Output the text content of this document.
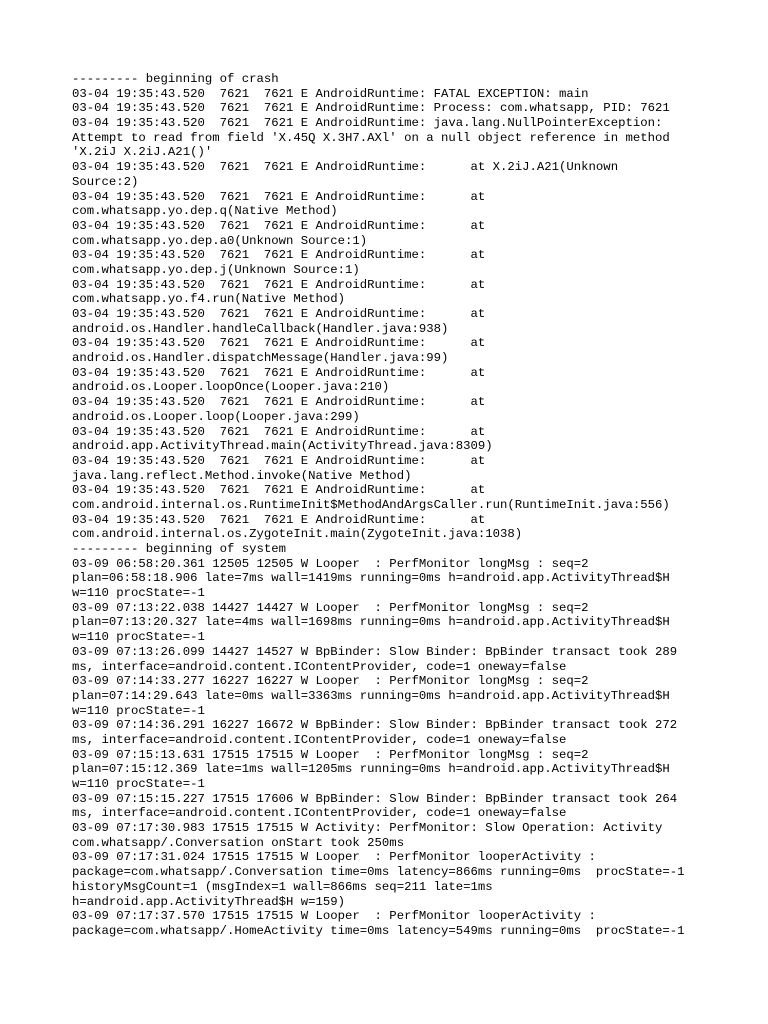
--------- beginning of crash
03-04 19:35:43.520  7621  7621 E AndroidRuntime: FATAL EXCEPTION: main
03-04 19:35:43.520  7621  7621 E AndroidRuntime: Process: com.whatsapp, PID: 7621
03-04 19:35:43.520  7621  7621 E AndroidRuntime: java.lang.NullPointerException:
Attempt to read from field 'X.45Q X.3H7.AXl' on a null object reference in method
'X.2iJ X.2iJ.A21()'
03-04 19:35:43.520  7621  7621 E AndroidRuntime:      at X.2iJ.A21(Unknown
Source:2)
03-04 19:35:43.520  7621  7621 E AndroidRuntime:      at
com.whatsapp.yo.dep.q(Native Method)
03-04 19:35:43.520  7621  7621 E AndroidRuntime:      at
com.whatsapp.yo.dep.a0(Unknown Source:1)
03-04 19:35:43.520  7621  7621 E AndroidRuntime:      at
com.whatsapp.yo.dep.j(Unknown Source:1)
03-04 19:35:43.520  7621  7621 E AndroidRuntime:      at
com.whatsapp.yo.f4.run(Native Method)
03-04 19:35:43.520  7621  7621 E AndroidRuntime:      at
android.os.Handler.handleCallback(Handler.java:938)
03-04 19:35:43.520  7621  7621 E AndroidRuntime:      at
android.os.Handler.dispatchMessage(Handler.java:99)
03-04 19:35:43.520  7621  7621 E AndroidRuntime:      at
android.os.Looper.loopOnce(Looper.java:210)
03-04 19:35:43.520  7621  7621 E AndroidRuntime:      at
android.os.Looper.loop(Looper.java:299)
03-04 19:35:43.520  7621  7621 E AndroidRuntime:      at
android.app.ActivityThread.main(ActivityThread.java:8309)
03-04 19:35:43.520  7621  7621 E AndroidRuntime:      at
java.lang.reflect.Method.invoke(Native Method)
03-04 19:35:43.520  7621  7621 E AndroidRuntime:      at
com.android.internal.os.RuntimeInit$MethodAndArgsCaller.run(RuntimeInit.java:556)
03-04 19:35:43.520  7621  7621 E AndroidRuntime:      at
com.android.internal.os.ZygoteInit.main(ZygoteInit.java:1038)
--------- beginning of system
03-09 06:58:20.361 12505 12505 W Looper  : PerfMonitor longMsg : seq=2
plan=06:58:18.906 late=7ms wall=1419ms running=0ms h=android.app.ActivityThread$H
w=110 procState=-1
03-09 07:13:22.038 14427 14427 W Looper  : PerfMonitor longMsg : seq=2
plan=07:13:20.327 late=4ms wall=1698ms running=0ms h=android.app.ActivityThread$H
w=110 procState=-1
03-09 07:13:26.099 14427 14527 W BpBinder: Slow Binder: BpBinder transact took 289
ms, interface=android.content.IContentProvider, code=1 oneway=false
03-09 07:14:33.277 16227 16227 W Looper  : PerfMonitor longMsg : seq=2
plan=07:14:29.643 late=0ms wall=3363ms running=0ms h=android.app.ActivityThread$H
w=110 procState=-1
03-09 07:14:36.291 16227 16672 W BpBinder: Slow Binder: BpBinder transact took 272
ms, interface=android.content.IContentProvider, code=1 oneway=false
03-09 07:15:13.631 17515 17515 W Looper  : PerfMonitor longMsg : seq=2
plan=07:15:12.369 late=1ms wall=1205ms running=0ms h=android.app.ActivityThread$H
w=110 procState=-1
03-09 07:15:15.227 17515 17606 W BpBinder: Slow Binder: BpBinder transact took 264
ms, interface=android.content.IContentProvider, code=1 oneway=false
03-09 07:17:30.983 17515 17515 W Activity: PerfMonitor: Slow Operation: Activity
com.whatsapp/.Conversation onStart took 250ms
03-09 07:17:31.024 17515 17515 W Looper  : PerfMonitor looperActivity :
package=com.whatsapp/.Conversation time=0ms latency=866ms running=0ms  procState=-1
historyMsgCount=1 (msgIndex=1 wall=866ms seq=211 late=1ms
h=android.app.ActivityThread$H w=159)
03-09 07:17:37.570 17515 17515 W Looper  : PerfMonitor looperActivity :
package=com.whatsapp/.HomeActivity time=0ms latency=549ms running=0ms  procState=-1
